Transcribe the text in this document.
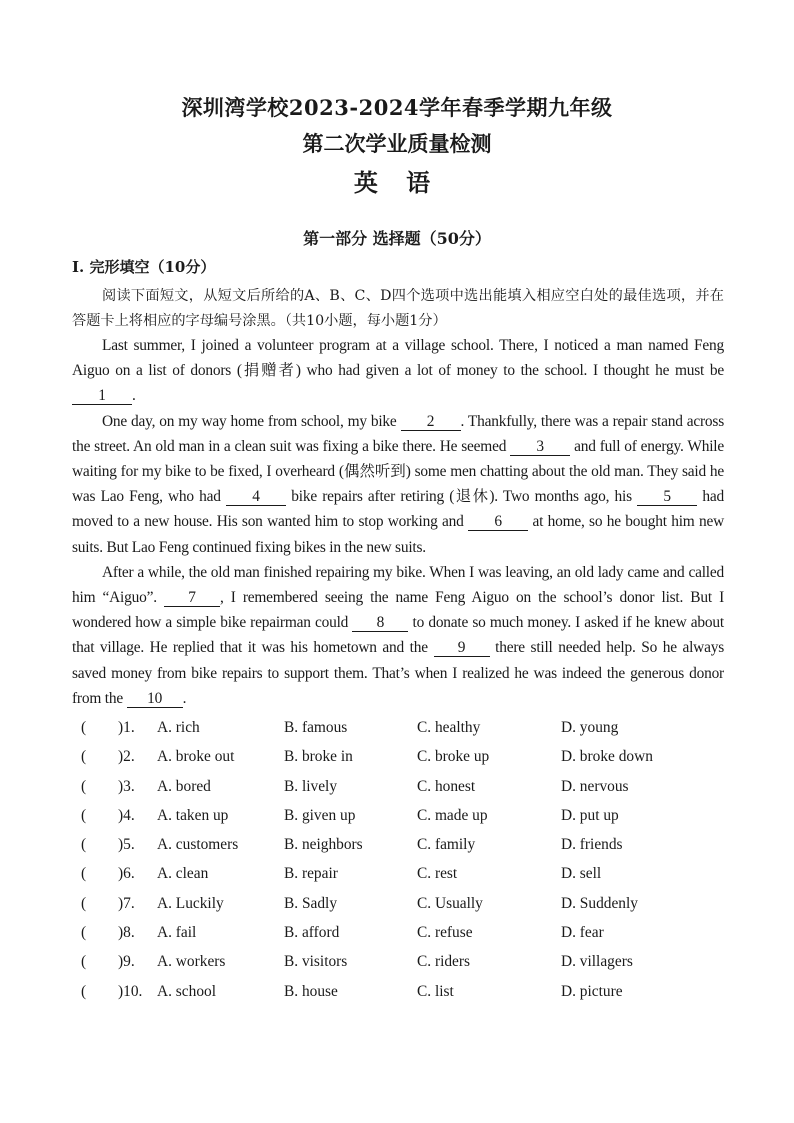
深圳湾学校2023-2024学年春季学期九年级
第二次学业质量检测
英 语
第一部分 选择题（50分）
I. 完形填空（10分）
阅读下面短文，从短文后所给的A、B、C、D四个选项中选出能填入相应空白处的最佳选项，并在答题卡上将相应的字母编号涂黑。（共10小题，每小题1分）

Last summer, I joined a volunteer program at a village school. There, I noticed a man named Feng Aiguo on a list of donors (捐赠者) who had given a lot of money to the school. I thought he must be 1 .

One day, on my way home from school, my bike 2 . Thankfully, there was a repair stand across the street. An old man in a clean suit was fixing a bike there. He seemed 3 and full of energy. While waiting for my bike to be fixed, I overheard (偶然听到) some men chatting about the old man. They said he was Lao Feng, who had 4 bike repairs after retiring (退休). Two months ago, his 5 had moved to a new house. His son wanted him to stop working and 6 at home, so he bought him new suits. But Lao Feng continued fixing bikes in the new suits.

After a while, the old man finished repairing my bike. When I was leaving, an old lady came and called him “Aiguo”. 7 , I remembered seeing the name Feng Aiguo on the school’s donor list. But I wondered how a simple bike repairman could 8 to donate so much money. I asked if he knew about that village. He replied that it was his hometown and the 9 there still needed help. So he always saved money from bike repairs to support them. That’s when I realized he was indeed the generous donor from the 10 .

( )1. A. rich	B. famous	C. healthy	D. young
( )2. A. broke out	B. broke in	C. broke up	D. broke down
( )3. A. bored	B. lively	C. honest	D. nervous
( )4. A. taken up	B. given up	C. made up	D. put up
( )5. A. customers	B. neighbors	C. family	D. friends
( )6. A. clean	B. repair	C. rest	D. sell
( )7. A. Luckily	B. Sadly	C. Usually	D. Suddenly
( )8. A. fail	B. afford	C. refuse	D. fear
( )9. A. workers	B. visitors	C. riders	D. villagers
( )10. A. school	B. house	C. list	D. picture
